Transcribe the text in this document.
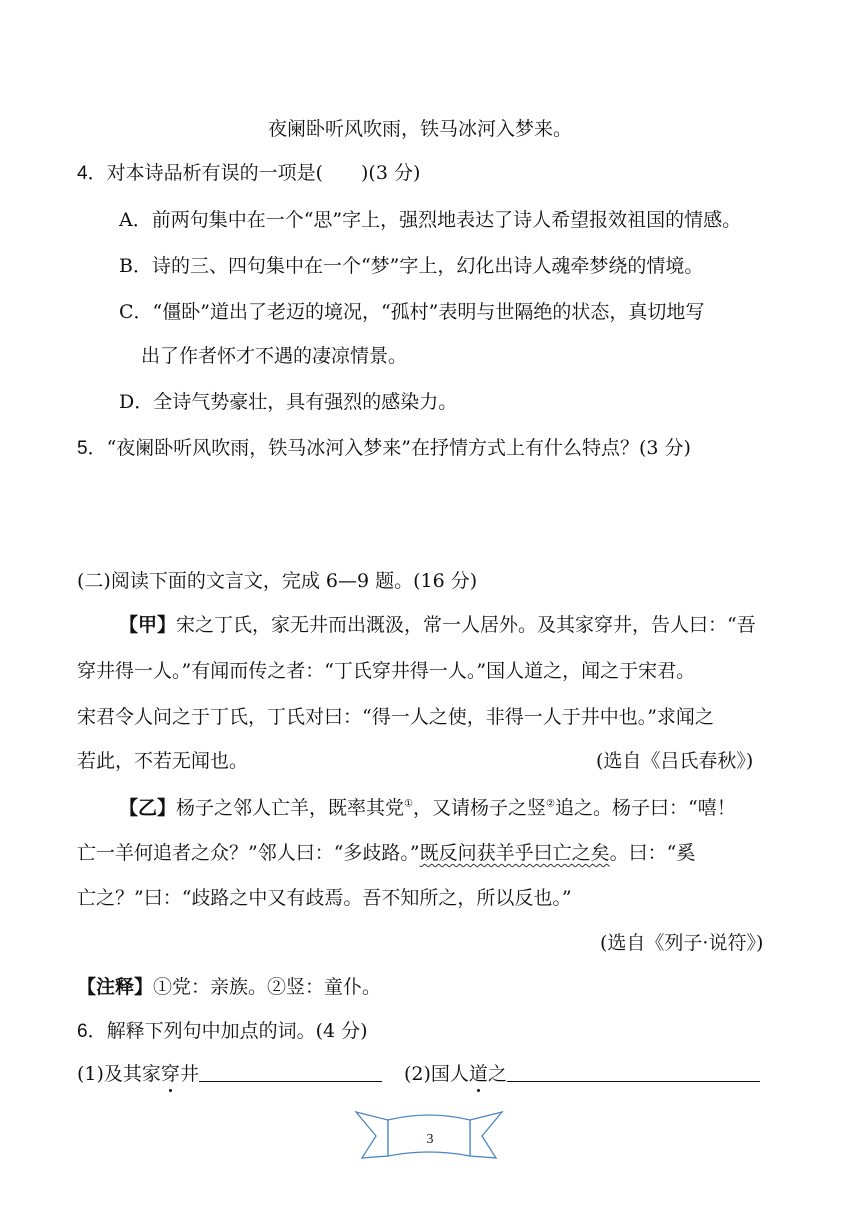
夜阑卧听风吹雨，铁马冰河入梦来。
4．对本诗品析有误的一项是(　　)(3 分)
A．前两句集中在一个“思”字上，强烈地表达了诗人希望报效祖国的情感。
B．诗的三、四句集中在一个“梦”字上，幻化出诗人魂牵梦绕的情境。
C．“僵卧”道出了老迈的境况，“孤村”表明与世隔绝的状态，真切地写
出了作者怀才不遇的凄凉情景。
D．全诗气势豪壮，具有强烈的感染力。
5．“夜阑卧听风吹雨，铁马冰河入梦来”在抒情方式上有什么特点？(3 分)
(二)阅读下面的文言文，完成 6—9 题。(16 分)
【甲】宋之丁氏，家无井而出溉汲，常一人居外。及其家穿井，告人曰：“吾
穿井得一人。”有闻而传之者：“丁氏穿井得一人。”国人道之，闻之于宋君。
宋君令人问之于丁氏，丁氏对曰：“得一人之使，非得一人于井中也。”求闻之
若此，不若无闻也。	(选自《吕氏春秋》)
【乙】杨子之邻人亡羊，既率其党①，又请杨子之竖②追之。杨子曰：“嘻！
亡一羊何追者之众？”邻人曰：“多歧路。”既反问获羊乎曰亡之矣。曰：“奚
亡之？”曰：“歧路之中又有歧焉。吾不知所之，所以反也。”
(选自《列子·说符》)
【注释】①党：亲族。②竖：童仆。
6．解释下列句中加点的词。(4 分)
(1)及其家穿井	(2)国人道之
3
